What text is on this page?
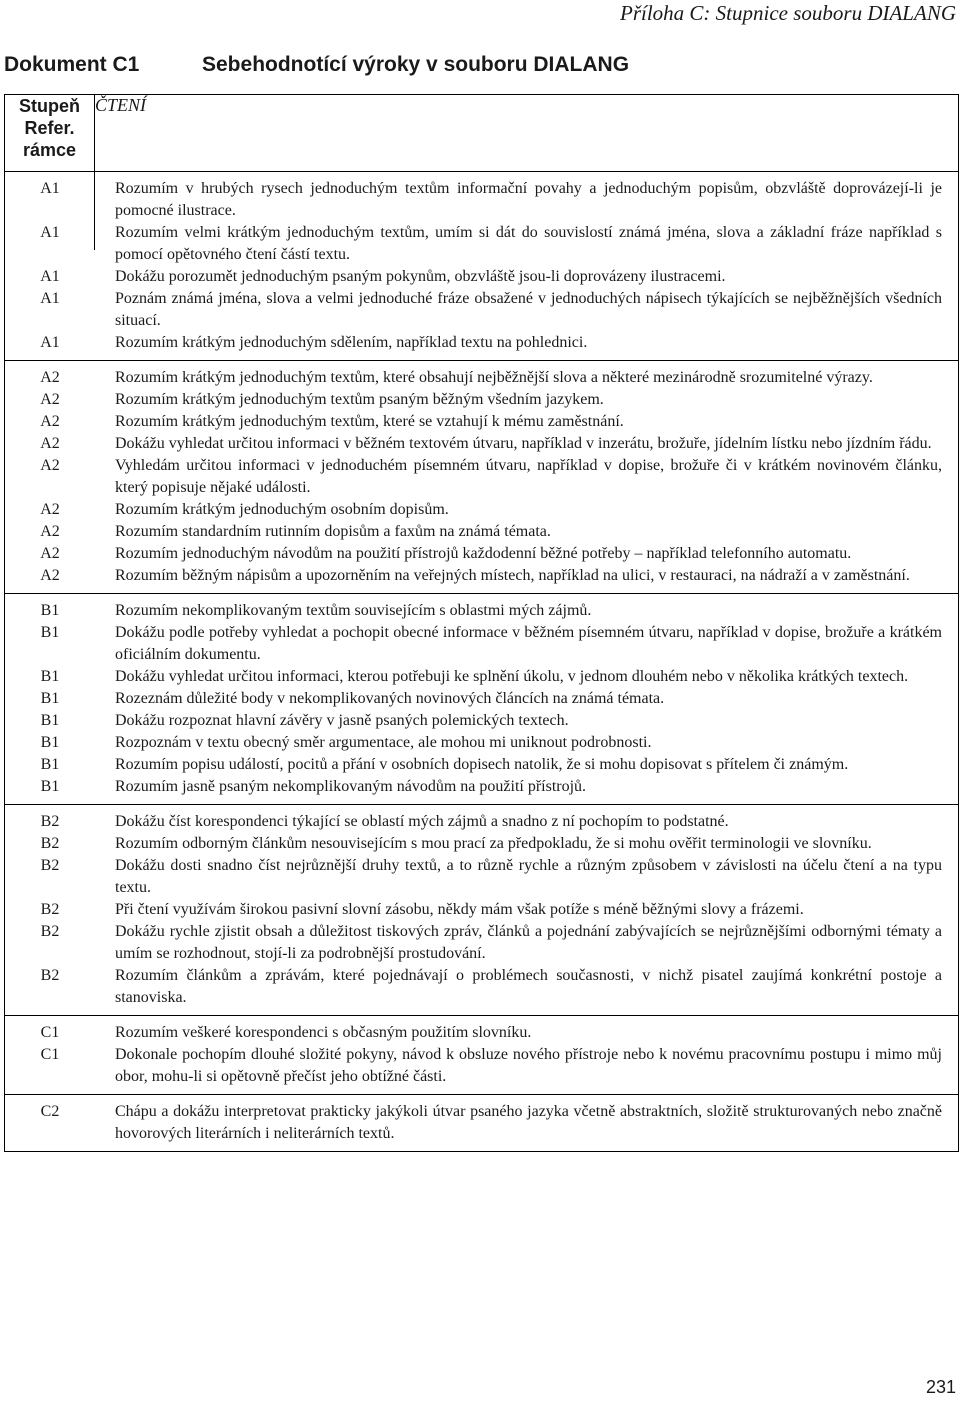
Příloha C: Stupnice souboru DIALANG
Dokument C1	Sebehodnotící výroky v souboru DIALANG
Stupeň Refer. rámce	ČTENÍ

A1	Rozumím v hrubých rysech jednoduchým textům informační povahy a jednoduchým popisům, obzvláště doprovázejí-li je pomocné ilustrace.
A1	Rozumím velmi krátkým jednoduchým textům, umím si dát do souvislostí známá jména, slova a základní fráze například s pomocí opětovného čtení částí textu.
A1	Dokážu porozumět jednoduchým psaným pokynům, obzvláště jsou-li doprovázeny ilustracemi.
A1	Poznám známá jména, slova a velmi jednoduché fráze obsažené v jednoduchých nápisech týkajících se nejběžnějších všedních situací.
A1	Rozumím krátkým jednoduchým sdělením, například textu na pohlednici.

A2	Rozumím krátkým jednoduchým textům, které obsahují nejběžnější slova a některé mezinárodně srozumitelné výrazy.
A2	Rozumím krátkým jednoduchým textům psaným běžným všedním jazykem.
A2	Rozumím krátkým jednoduchým textům, které se vztahují k mému zaměstnání.
A2	Dokážu vyhledat určitou informaci v běžném textovém útvaru, například v inzerátu, brožuře, jídelním lístku nebo jízdním řádu.
A2	Vyhledám určitou informaci v jednoduchém písemném útvaru, například v dopise, brožuře či v krátkém novinovém článku, který popisuje nějaké události.
A2	Rozumím krátkým jednoduchým osobním dopisům.
A2	Rozumím standardním rutinním dopisům a faxům na známá témata.
A2	Rozumím jednoduchým návodům na použití přístrojů každodenní běžné potřeby – například telefonního automatu.
A2	Rozumím běžným nápisům a upozorněním na veřejných místech, například na ulici, v restauraci, na nádraží a v zaměstnání.

B1	Rozumím nekomplikovaným textům souvisejícím s oblastmi mých zájmů.
B1	Dokážu podle potřeby vyhledat a pochopit obecné informace v běžném písemném útvaru, například v dopise, brožuře a krátkém oficiálním dokumentu.
B1	Dokážu vyhledat určitou informaci, kterou potřebuji ke splnění úkolu, v jednom dlouhém nebo v několika krátkých textech.
B1	Rozeznám důležité body v nekomplikovaných novinových článcích na známá témata.
B1	Dokážu rozpoznat hlavní závěry v jasně psaných polemických textech.
B1	Rozpoznám v textu obecný směr argumentace, ale mohou mi uniknout podrobnosti.
B1	Rozumím popisu událostí, pocitů a přání v osobních dopisech natolik, že si mohu dopisovat s přítelem či známým.
B1	Rozumím jasně psaným nekomplikovaným návodům na použití přístrojů.

B2	Dokážu číst korespondenci týkající se oblastí mých zájmů a snadno z ní pochopím to podstatné.
B2	Rozumím odborným článkům nesouvisejícím s mou prací za předpokladu, že si mohu ověřit terminologii ve slovníku.
B2	Dokážu dosti snadno číst nejrůznější druhy textů, a to různě rychle a různým způsobem v závislosti na účelu čtení a na typu textu.
B2	Při čtení využívám širokou pasivní slovní zásobu, někdy mám však potíže s méně běžnými slovy a frázemi.
B2	Dokážu rychle zjistit obsah a důležitost tiskových zpráv, článků a pojednání zabývajících se nejrůznějšími odbornými tématy a umím se rozhodnout, stojí-li za podrobnější prostudování.
B2	Rozumím článkům a zprávám, které pojednávají o problémech současnosti, v nichž pisatel zaujímá konkrétní postoje a stanoviska.

C1	Rozumím veškeré korespondenci s občasným použitím slovníku.
C1	Dokonale pochopím dlouhé složité pokyny, návod k obsluze nového přístroje nebo k novému pracovnímu postupu i mimo můj obor, mohu-li si opětovně přečíst jeho obtížné části.

C2	Chápu a dokážu interpretovat prakticky jakýkoli útvar psaného jazyka včetně abstraktních, složitě strukturovaných nebo značně hovorových literárních i neliterárních textů.
231
